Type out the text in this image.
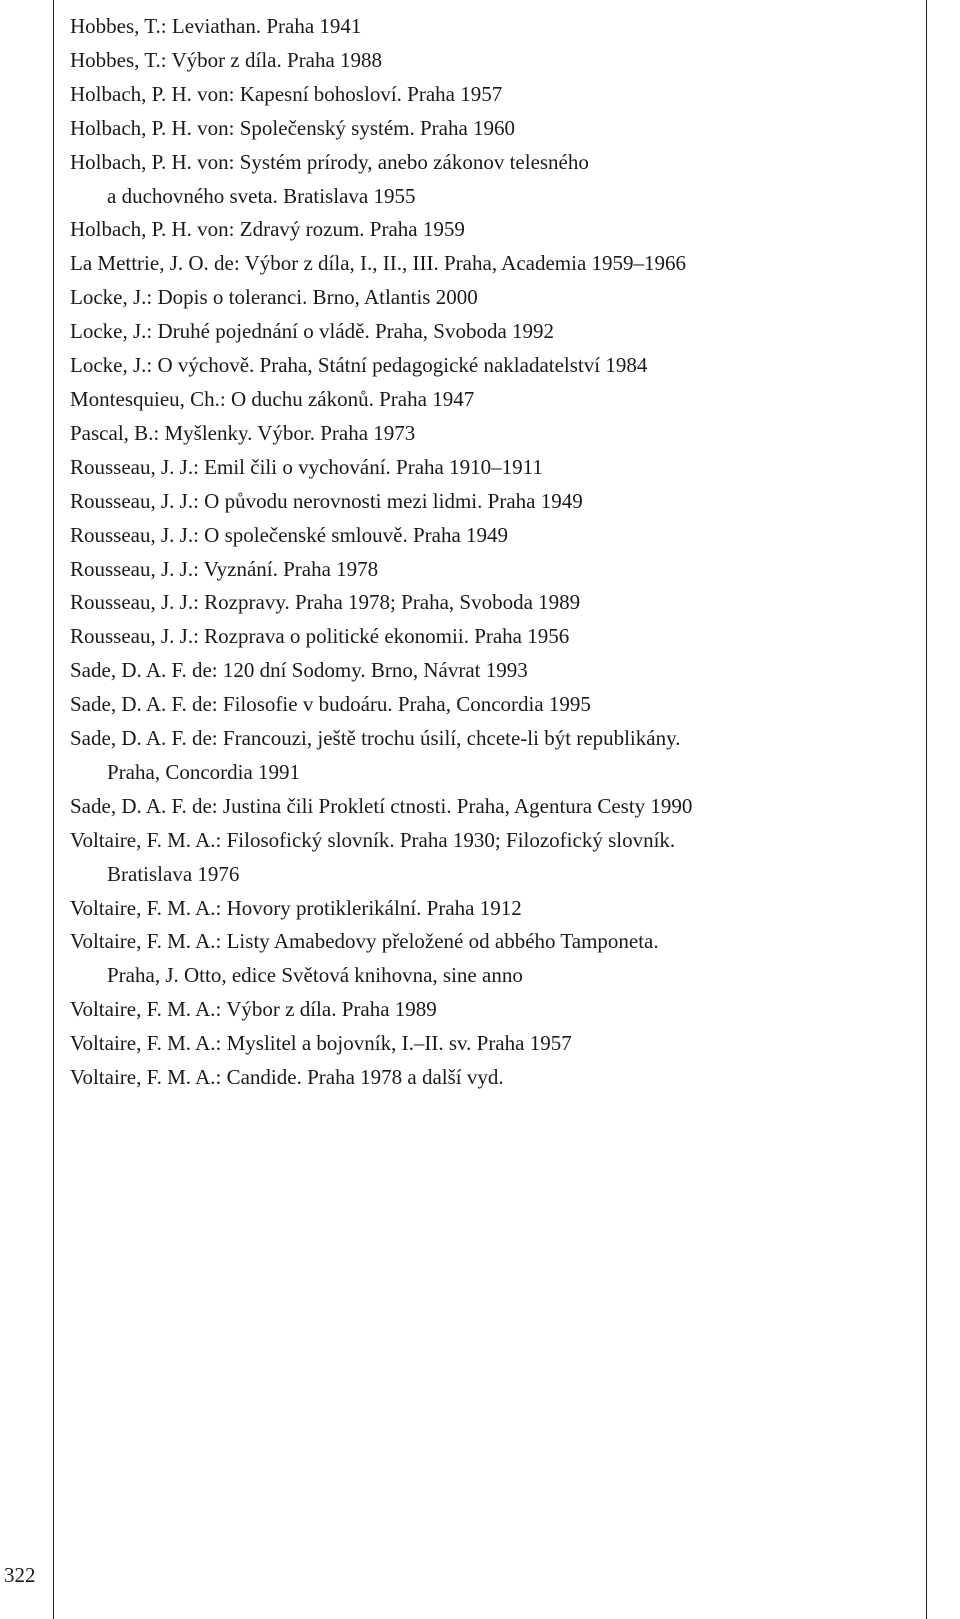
Hobbes, T.: Leviathan. Praha 1941
Hobbes, T.: Výbor z díla. Praha 1988
Holbach, P. H. von: Kapesní bohosloví. Praha 1957
Holbach, P. H. von: Společenský systém. Praha 1960
Holbach, P. H. von: Systém prírody, anebo zákonov telesného
a duchovného sveta. Bratislava 1955
Holbach, P. H. von: Zdravý rozum. Praha 1959
La Mettrie, J. O. de: Výbor z díla, I., II., III. Praha, Academia 1959–1966
Locke, J.: Dopis o toleranci. Brno, Atlantis 2000
Locke, J.: Druhé pojednání o vládě. Praha, Svoboda 1992
Locke, J.: O výchově. Praha, Státní pedagogické nakladatelství 1984
Montesquieu, Ch.: O duchu zákonů. Praha 1947
Pascal, B.: Myšlenky. Výbor. Praha 1973
Rousseau, J. J.: Emil čili o vychování. Praha 1910–1911
Rousseau, J. J.: O původu nerovnosti mezi lidmi. Praha 1949
Rousseau, J. J.: O společenské smlouvě. Praha 1949
Rousseau, J. J.: Vyznání. Praha 1978
Rousseau, J. J.: Rozpravy. Praha 1978; Praha, Svoboda 1989
Rousseau, J. J.: Rozprava o politické ekonomii. Praha 1956
Sade, D. A. F. de: 120 dní Sodomy. Brno, Návrat 1993
Sade, D. A. F. de: Filosofie v budoáru. Praha, Concordia 1995
Sade, D. A. F. de: Francouzi, ještě trochu úsilí, chcete-li být republikány.
Praha, Concordia 1991
Sade, D. A. F. de: Justina čili Prokletí ctnosti. Praha, Agentura Cesty 1990
Voltaire, F. M. A.: Filosofický slovník. Praha 1930; Filozofický slovník.
Bratislava 1976
Voltaire, F. M. A.: Hovory protiklerikální. Praha 1912
Voltaire, F. M. A.: Listy Amabedovy přeložené od abbého Tamponeta.
Praha, J. Otto, edice Světová knihovna, sine anno
Voltaire, F. M. A.: Výbor z díla. Praha 1989
Voltaire, F. M. A.: Myslitel a bojovník, I.–II. sv. Praha 1957
Voltaire, F. M. A.: Candide. Praha 1978 a další vyd.
322
